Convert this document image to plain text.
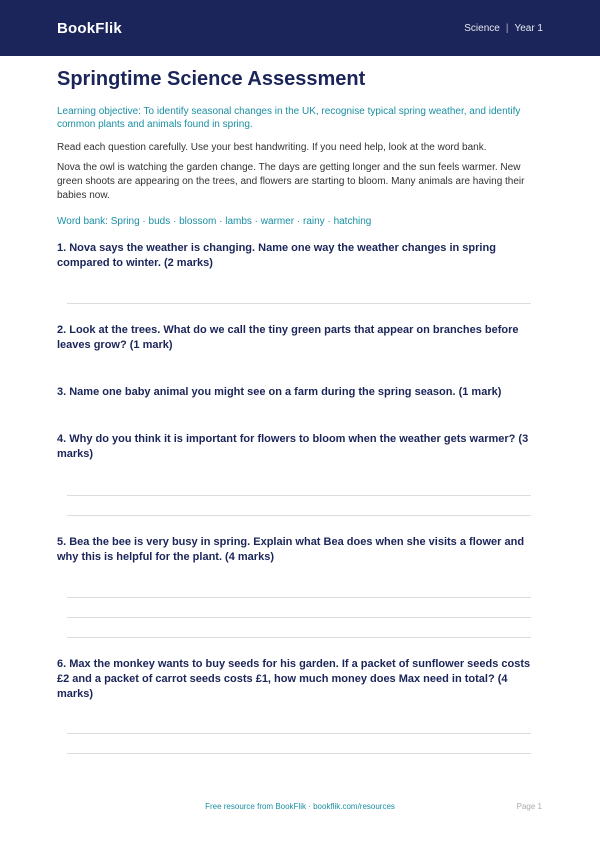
BookFlik	Science | Year 1
Springtime Science Assessment
Learning objective: To identify seasonal changes in the UK, recognise typical spring weather, and identify common plants and animals found in spring.
Read each question carefully. Use your best handwriting. If you need help, look at the word bank.
Nova the owl is watching the garden change. The days are getting longer and the sun feels warmer. New green shoots are appearing on the trees, and flowers are starting to bloom. Many animals are having their babies now.
Word bank: Spring · buds · blossom · lambs · warmer · rainy · hatching
1. Nova says the weather is changing. Name one way the weather changes in spring compared to winter. (2 marks)
2. Look at the trees. What do we call the tiny green parts that appear on branches before leaves grow? (1 mark)
3. Name one baby animal you might see on a farm during the spring season. (1 mark)
4. Why do you think it is important for flowers to bloom when the weather gets warmer? (3 marks)
5. Bea the bee is very busy in spring. Explain what Bea does when she visits a flower and why this is helpful for the plant. (4 marks)
6. Max the monkey wants to buy seeds for his garden. If a packet of sunflower seeds costs £2 and a packet of carrot seeds costs £1, how much money does Max need in total? (4 marks)
Free resource from BookFlik · bookflik.com/resources	Page 1
